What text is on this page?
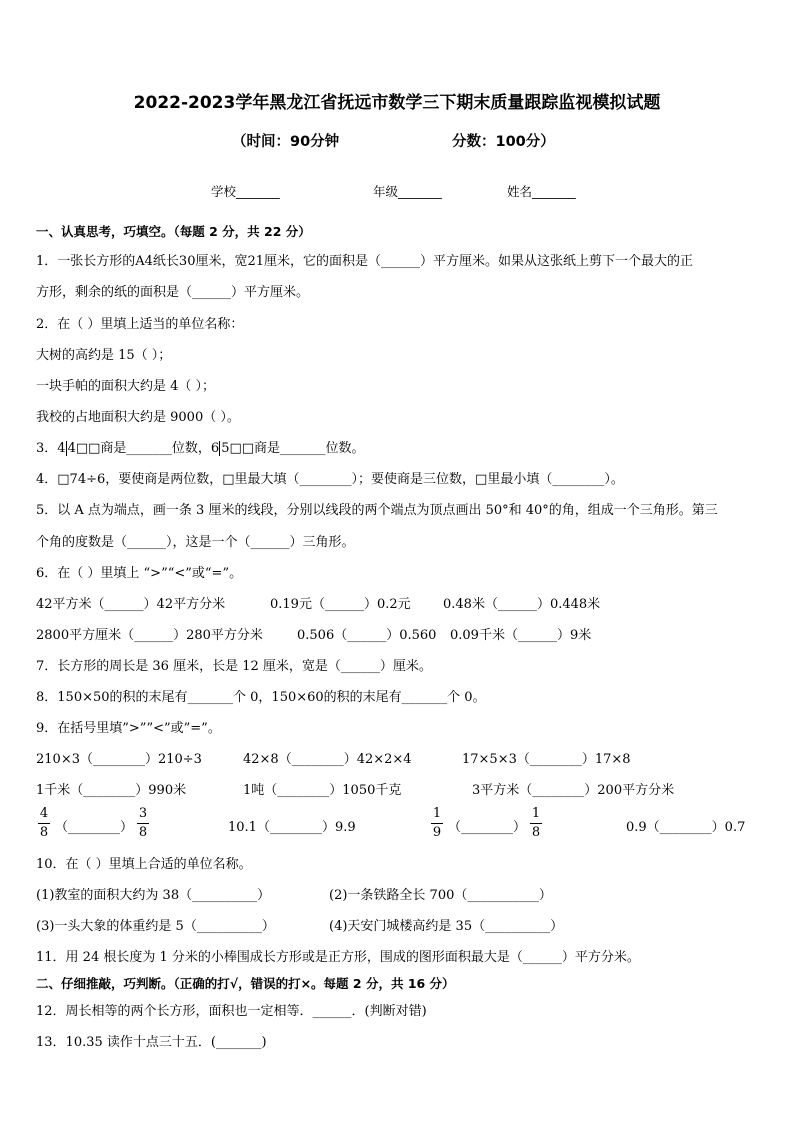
2022-2023学年黑龙江省抚远市数学三下期末质量跟踪监视模拟试题
（时间：90分钟	分数：100分）
学校_______	年级_______	姓名_______
一、认真思考，巧填空。（每题 2 分，共 22 分）
1．一张长方形的A4纸长30厘米，宽21厘米，它的面积是（______）平方厘米。如果从这张纸上剪下一个最大的正
方形，剩余的纸的面积是（______）平方厘米。
2．在（ ）里填上适当的单位名称：
大树的高约是 15（ ）；
一块手帕的面积大约是 4（ ）；
我校的占地面积大约是 9000（ ）。
3．4 4□□商是_______位数，6 5□□商是_______位数。
4．□74÷6，要使商是两位数，□里最大填（________）；要使商是三位数，□里最小填（________）。
5．以 A 点为端点，画一条 3 厘米的线段，分别以线段的两个端点为顶点画出 50°和 40°的角，组成一个三角形。第三
个角的度数是（______），这是一个（______）三角形。
6．在（ ）里填上 “>”“<”或“=”。
42平方米（______）42平方分米	0.19元（______）0.2元 0.48米（______）0.448米
2800平方厘米（______）280平方分米	0.506（______）0.560 0.09千米（______）9米
7．长方形的周长是 36 厘米，长是 12 厘米，宽是（______）厘米。
8．150×50的积的末尾有_______个 0，150×60的积的末尾有_______个 0。
9．在括号里填”>””<”或”=”。
210×3（________）210÷3	42×8（________）42×2×4	17×5×3（________）17×8
1千米（________）990米	1吨（________）1050千克	3平方米（________）200平方分米
4
8 （________）
3
8	10.1（________）9.9
1
9 （________）
1
8	0.9（________）0.7
10．在（ ）里填上合适的单位名称。
(1)教室的面积大约为 38（__________）	(2)一条铁路全长 700（___________）
(3)一头大象的体重约是 5（__________）	(4)天安门城楼高约是 35（__________）
11．用 24 根长度为 1 分米的小棒围成长方形或是正方形，围成的图形面积最大是（______）平方分米。
二、仔细推敲，巧判断。（正确的打√，错误的打×。每题 2 分，共 16 分）
12．周长相等的两个长方形，面积也一定相等．______．(判断对错)
13．10.35 读作十点三十五．(_______)
